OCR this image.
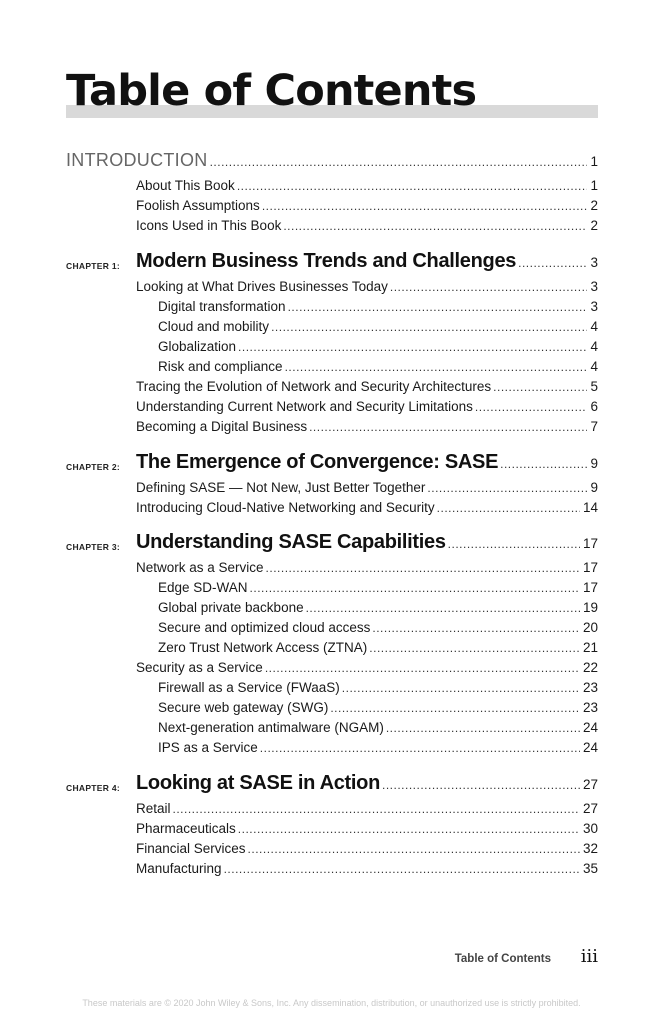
Table of Contents
INTRODUCTION .....	1
About This Book .....	1
Foolish Assumptions .....	2
Icons Used in This Book .....	2
CHAPTER 1: Modern Business Trends and Challenges .....	3
Looking at What Drives Businesses Today .....	3
Digital transformation .....	3
Cloud and mobility .....	4
Globalization .....	4
Risk and compliance .....	4
Tracing the Evolution of Network and Security Architectures .....	5
Understanding Current Network and Security Limitations .....	6
Becoming a Digital Business .....	7
CHAPTER 2: The Emergence of Convergence: SASE .....	9
Defining SASE — Not New, Just Better Together .....	9
Introducing Cloud-Native Networking and Security .....	14
CHAPTER 3: Understanding SASE Capabilities .....	17
Network as a Service .....	17
Edge SD-WAN .....	17
Global private backbone .....	19
Secure and optimized cloud access .....	20
Zero Trust Network Access (ZTNA) .....	21
Security as a Service .....	22
Firewall as a Service (FWaaS) .....	23
Secure web gateway (SWG) .....	23
Next-generation antimalware (NGAM) .....	24
IPS as a Service .....	24
CHAPTER 4: Looking at SASE in Action .....	27
Retail .....	27
Pharmaceuticals .....	30
Financial Services .....	32
Manufacturing .....	35
Table of Contents iii
These materials are © 2020 John Wiley & Sons, Inc. Any dissemination, distribution, or unauthorized use is strictly prohibited.
